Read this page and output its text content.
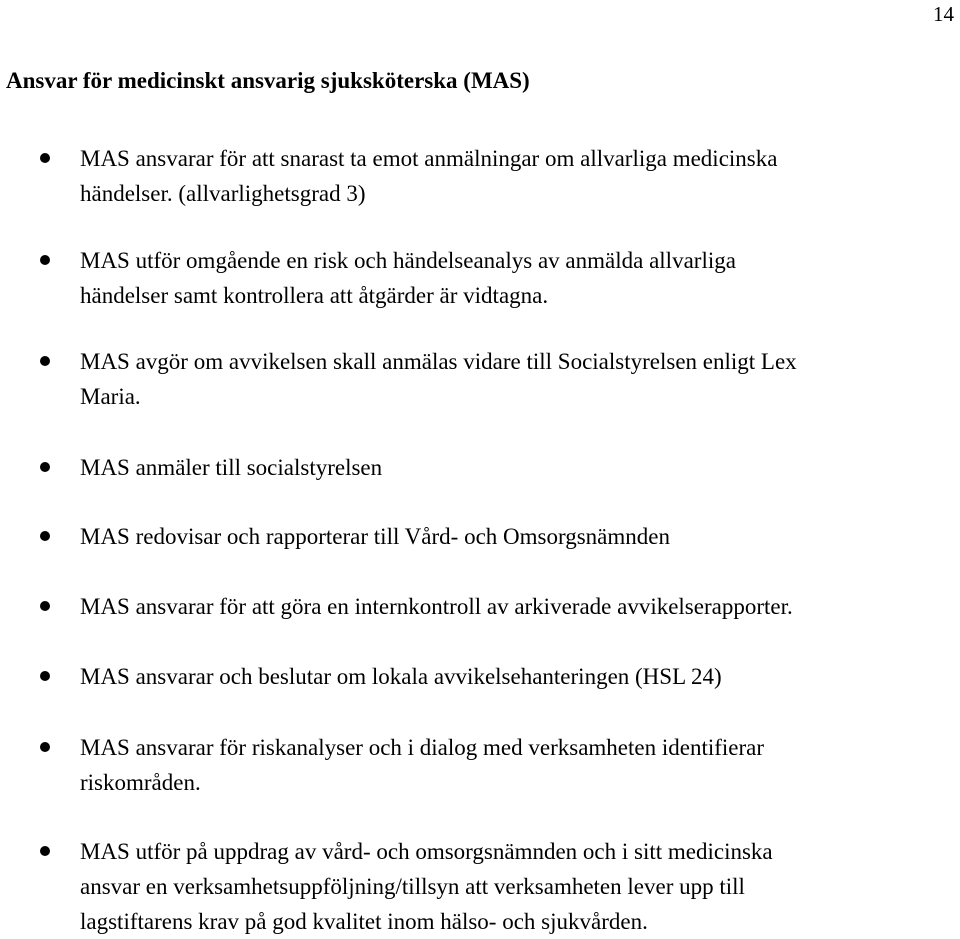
14
Ansvar för medicinskt ansvarig sjuksköterska (MAS)
MAS ansvarar för att snarast ta emot anmälningar om allvarliga medicinska
händelser. (allvarlighetsgrad 3)
MAS utför omgående en risk och händelseanalys av anmälda allvarliga
händelser samt kontrollera att åtgärder är vidtagna.
MAS avgör om avvikelsen skall anmälas vidare till Socialstyrelsen enligt Lex
Maria.
MAS anmäler till socialstyrelsen
MAS redovisar och rapporterar till Vård- och Omsorgsnämnden
MAS ansvarar för att göra en internkontroll av arkiverade avvikelserapporter.
MAS ansvarar och beslutar om lokala avvikelsehanteringen (HSL 24)
MAS ansvarar för riskanalyser och i dialog med verksamheten identifierar
riskområden.
MAS utför på uppdrag av vård- och omsorgsnämnden och i sitt medicinska
ansvar en verksamhetsuppföljning/tillsyn att verksamheten lever upp till
lagstiftarens krav på god kvalitet inom hälso- och sjukvården.
